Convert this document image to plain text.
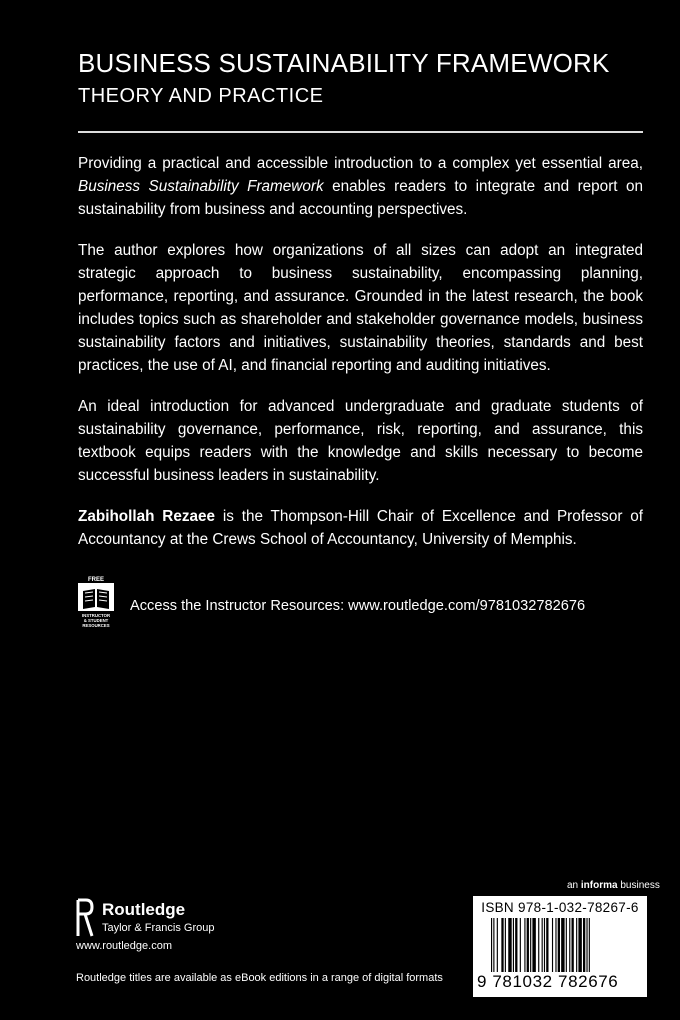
BUSINESS SUSTAINABILITY FRAMEWORK
THEORY AND PRACTICE

Providing a practical and accessible introduction to a complex yet essential area, Business Sustainability Framework enables readers to integrate and report on sustainability from business and accounting perspectives.

The author explores how organizations of all sizes can adopt an integrated strategic approach to business sustainability, encompassing planning, performance, reporting, and assurance. Grounded in the latest research, the book includes topics such as shareholder and stakeholder governance models, business sustainability factors and initiatives, sustainability theories, standards and best practices, the use of AI, and financial reporting and auditing initiatives.

An ideal introduction for advanced undergraduate and graduate students of sustainability governance, performance, risk, reporting, and assurance, this textbook equips readers with the knowledge and skills necessary to become successful business leaders in sustainability.

Zabihollah Rezaee is the Thompson-Hill Chair of Excellence and Professor of Accountancy at the Crews School of Accountancy, University of Memphis.

FREE
INSTRUCTOR
& STUDENT
RESOURCES
Access the Instructor Resources: www.routledge.com/9781032782676
an informa business
ISBN 978-1-032-78267-6
9 781032 782676
Routledge
Taylor & Francis Group
www.routledge.com
Routledge titles are available as eBook editions in a range of digital formats
